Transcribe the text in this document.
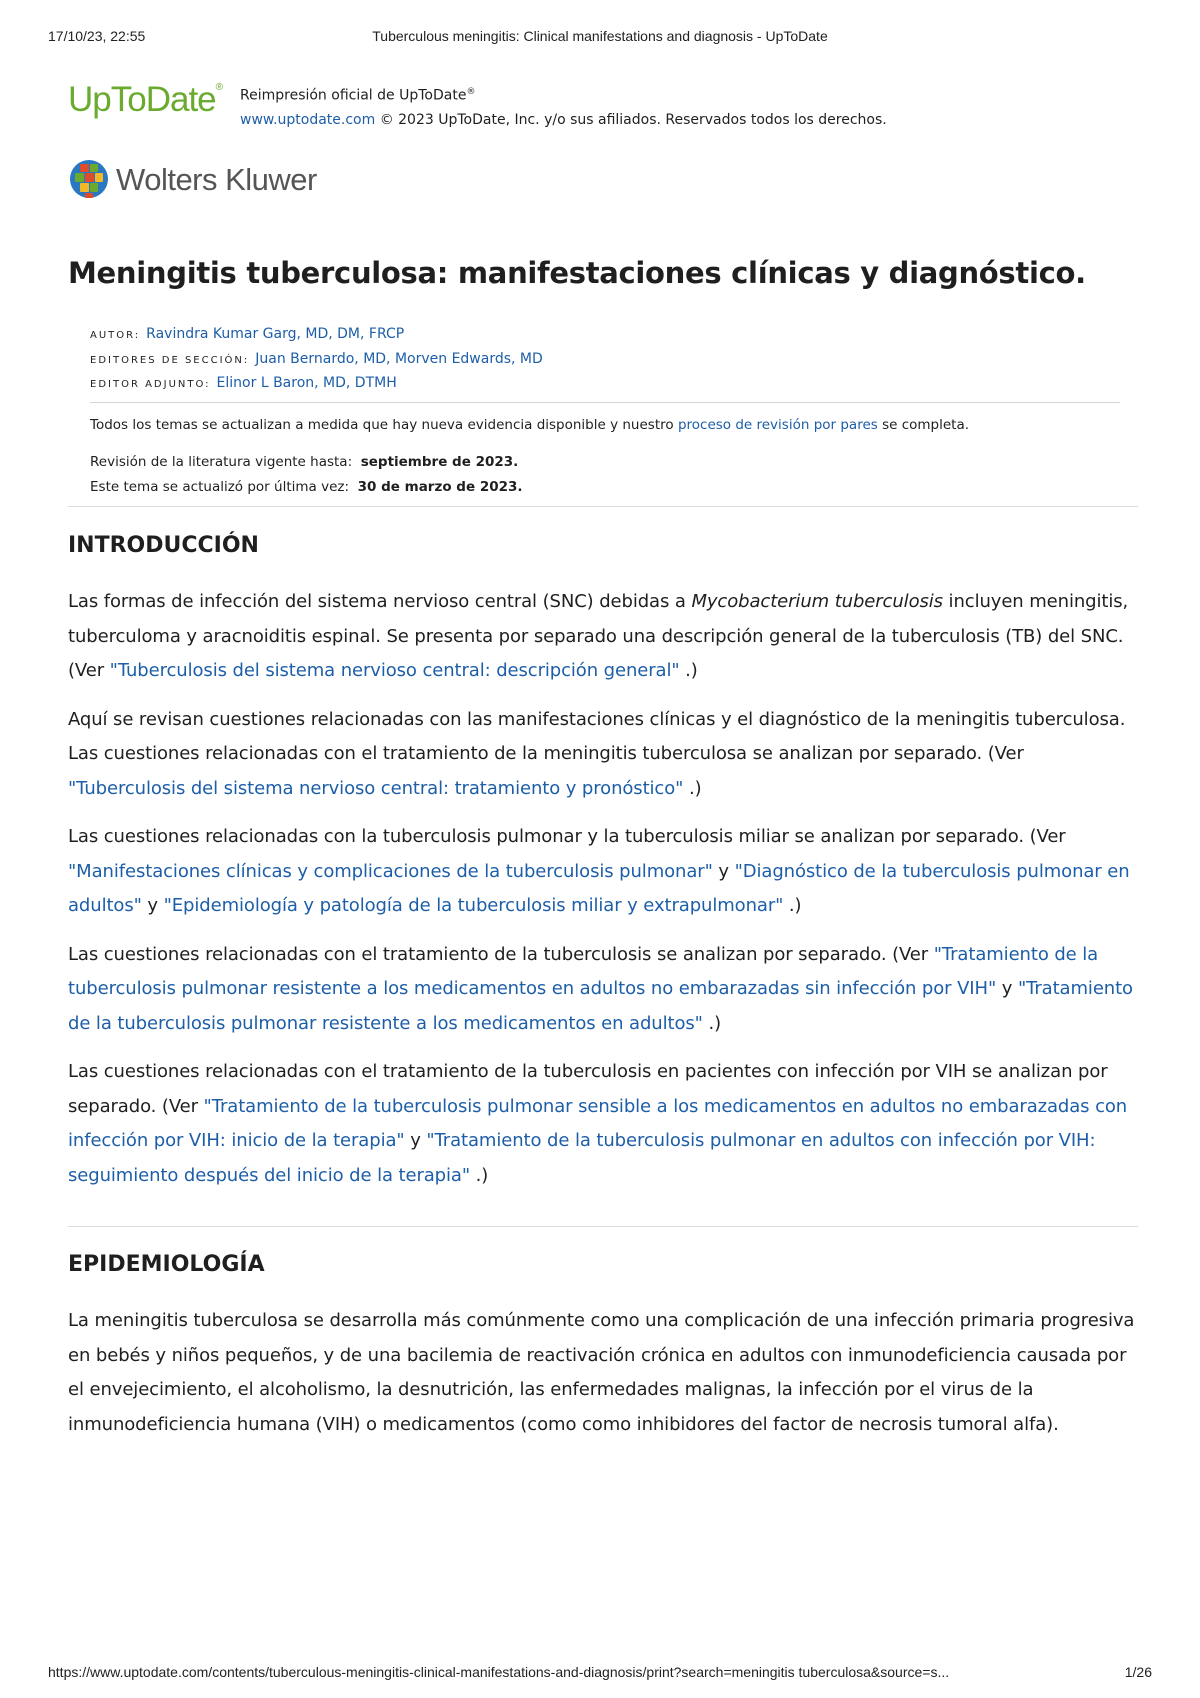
17/10/23, 22:55	Tuberculous meningitis: Clinical manifestations and diagnosis - UpToDate
UpToDate®
Reimpresión oficial de UpToDate®
www.uptodate.com © 2023 UpToDate, Inc. y/o sus afiliados. Reservados todos los derechos.
Wolters Kluwer
Meningitis tuberculosa: manifestaciones clínicas y diagnóstico.
AUTOR: Ravindra Kumar Garg, MD, DM, FRCP
EDITORES DE SECCIÓN: Juan Bernardo, MD, Morven Edwards, MD
EDITOR ADJUNTO: Elinor L Baron, MD, DTMH
Todos los temas se actualizan a medida que hay nueva evidencia disponible y nuestro proceso de revisión por pares se completa.
Revisión de la literatura vigente hasta: septiembre de 2023.
Este tema se actualizó por última vez: 30 de marzo de 2023.
INTRODUCCIÓN

Las formas de infección del sistema nervioso central (SNC) debidas a Mycobacterium tuberculosis incluyen meningitis, tuberculoma y aracnoiditis espinal. Se presenta por separado una descripción general de la tuberculosis (TB) del SNC. (Ver "Tuberculosis del sistema nervioso central: descripción general" .)

Aquí se revisan cuestiones relacionadas con las manifestaciones clínicas y el diagnóstico de la meningitis tuberculosa. Las cuestiones relacionadas con el tratamiento de la meningitis tuberculosa se analizan por separado. (Ver "Tuberculosis del sistema nervioso central: tratamiento y pronóstico" .)

Las cuestiones relacionadas con la tuberculosis pulmonar y la tuberculosis miliar se analizan por separado. (Ver "Manifestaciones clínicas y complicaciones de la tuberculosis pulmonar" y "Diagnóstico de la tuberculosis pulmonar en adultos" y "Epidemiología y patología de la tuberculosis miliar y extrapulmonar" .)

Las cuestiones relacionadas con el tratamiento de la tuberculosis se analizan por separado. (Ver "Tratamiento de la tuberculosis pulmonar resistente a los medicamentos en adultos no embarazadas sin infección por VIH" y "Tratamiento de la tuberculosis pulmonar resistente a los medicamentos en adultos" .)

Las cuestiones relacionadas con el tratamiento de la tuberculosis en pacientes con infección por VIH se analizan por separado. (Ver "Tratamiento de la tuberculosis pulmonar sensible a los medicamentos en adultos no embarazadas con infección por VIH: inicio de la terapia" y "Tratamiento de la tuberculosis pulmonar en adultos con infección por VIH: seguimiento después del inicio de la terapia" .)

EPIDEMIOLOGÍA

La meningitis tuberculosa se desarrolla más comúnmente como una complicación de una infección primaria progresiva en bebés y niños pequeños, y de una bacilemia de reactivación crónica en adultos con inmunodeficiencia causada por el envejecimiento, el alcoholismo, la desnutrición, las enfermedades malignas, la infección por el virus de la inmunodeficiencia humana (VIH) o medicamentos (como como inhibidores del factor de necrosis tumoral alfa).

https://www.uptodate.com/contents/tuberculous-meningitis-clinical-manifestations-and-diagnosis/print?search=meningitis tuberculosa&source=s...	1/26
